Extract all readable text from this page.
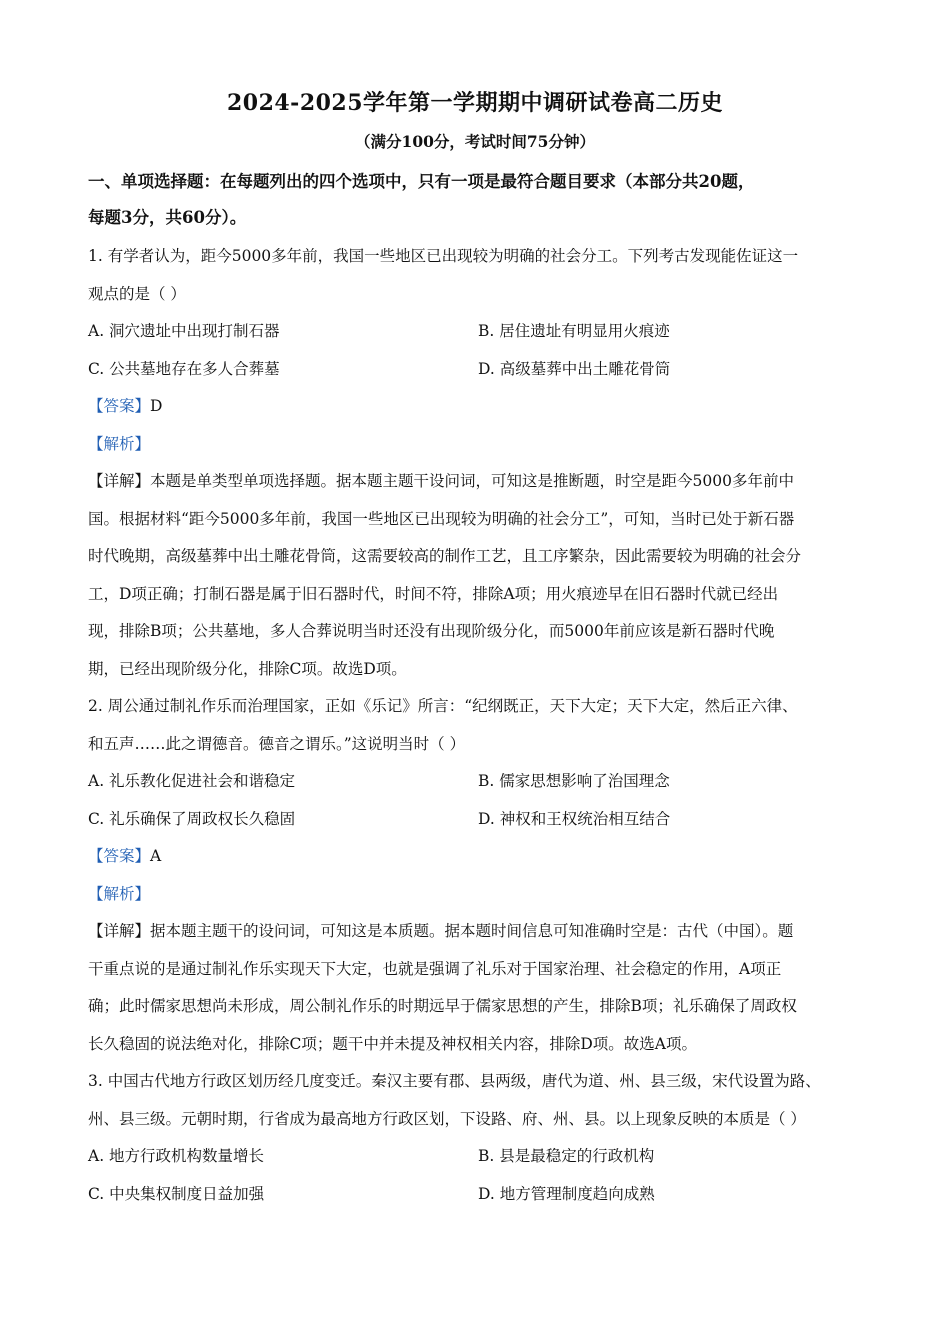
2024-2025学年第一学期期中调研试卷高二历史
（满分100分，考试时间75分钟）
一、单项选择题：在每题列出的四个选项中，只有一项是最符合题目要求（本部分共20题，
每题3分，共60分）。
1. 有学者认为，距今5000多年前，我国一些地区已出现较为明确的社会分工。下列考古发现能佐证这一
观点的是（ ）
A. 洞穴遗址中出现打制石器	B. 居住遗址有明显用火痕迹
C. 公共墓地存在多人合葬墓	D. 高级墓葬中出土雕花骨筒
【答案】D
【解析】
【详解】本题是单类型单项选择题。据本题主题干设问词，可知这是推断题，时空是距今5000多年前中
国。根据材料“距今5000多年前，我国一些地区已出现较为明确的社会分工”，可知，当时已处于新石器
时代晚期，高级墓葬中出土雕花骨筒，这需要较高的制作工艺，且工序繁杂，因此需要较为明确的社会分
工，D项正确；打制石器是属于旧石器时代，时间不符，排除A项；用火痕迹早在旧石器时代就已经出
现，排除B项；公共墓地，多人合葬说明当时还没有出现阶级分化，而5000年前应该是新石器时代晚
期，已经出现阶级分化，排除C项。故选D项。
2. 周公通过制礼作乐而治理国家，正如《乐记》所言：“纪纲既正，天下大定；天下大定，然后正六律、
和五声……此之谓德音。德音之谓乐。”这说明当时（ ）
A. 礼乐教化促进社会和谐稳定	B. 儒家思想影响了治国理念
C. 礼乐确保了周政权长久稳固	D. 神权和王权统治相互结合
【答案】A
【解析】
【详解】据本题主题干的设问词，可知这是本质题。据本题时间信息可知准确时空是：古代（中国）。题
干重点说的是通过制礼作乐实现天下大定，也就是强调了礼乐对于国家治理、社会稳定的作用，A项正
确；此时儒家思想尚未形成，周公制礼作乐的时期远早于儒家思想的产生，排除B项；礼乐确保了周政权
长久稳固的说法绝对化，排除C项；题干中并未提及神权相关内容，排除D项。故选A项。
3. 中国古代地方行政区划历经几度变迁。秦汉主要有郡、县两级，唐代为道、州、县三级，宋代设置为路、
州、县三级。元朝时期，行省成为最高地方行政区划，下设路、府、州、县。以上现象反映的本质是（ ）
A. 地方行政机构数量增长	B. 县是最稳定的行政机构
C. 中央集权制度日益加强	D. 地方管理制度趋向成熟
